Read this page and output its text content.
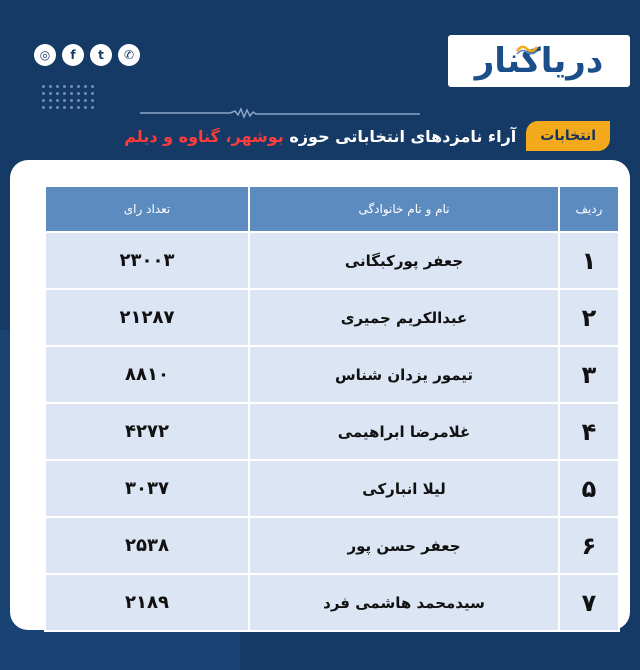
◎	f	t	✆	دریاکنار
انتخابات
آراء نامزدهای انتخاباتی حوزه بوشهر، گناوه و دیلم
ردیف	نام و نام خانوادگی	تعداد رای
۱	جعفر پورکبگانی	۲۳۰۰۳
۲	عبدالکریم جمیری	۲۱۲۸۷
۳	تیمور یزدان شناس	۸۸۱۰
۴	غلامرضا ابراهیمی	۴۲۷۲
۵	لیلا انبارکی	۳۰۳۷
۶	جعفر حسن پور	۲۵۳۸
۷	سیدمحمد هاشمی فرد	۲۱۸۹
